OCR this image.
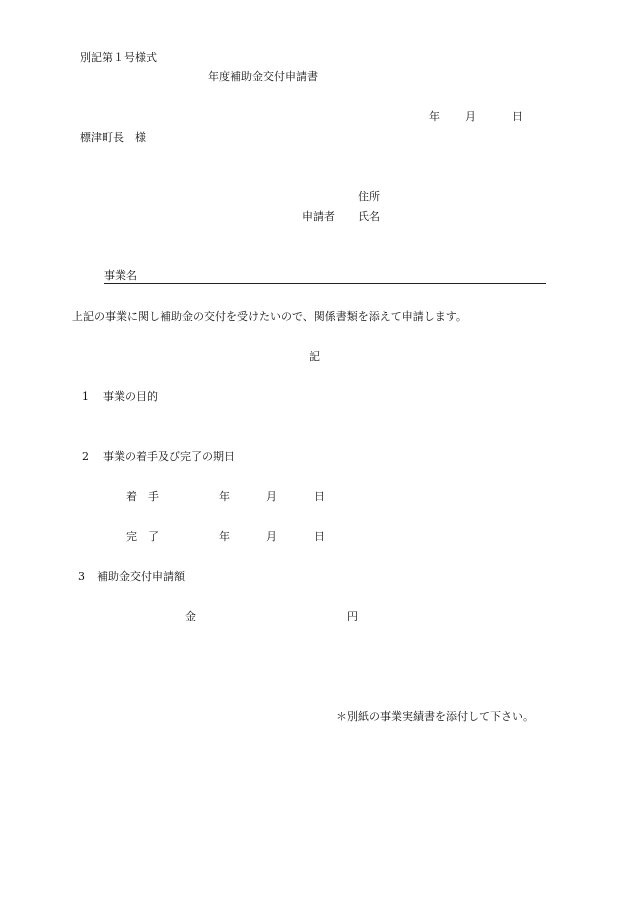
別記第１号様式
年度補助金交付申請書
年 月	日
標津町長　様
住所
申請者 氏名
事業名
上記の事業に関し補助金の交付を受けたいので、関係書類を添えて申請します。
記
1 事業の目的
2 事業の着手及び完了の期日
着　手	年	月	日
完　了	年	月	日
3 補助金交付申請額
金	円
＊別紙の事業実績書を添付して下さい。
